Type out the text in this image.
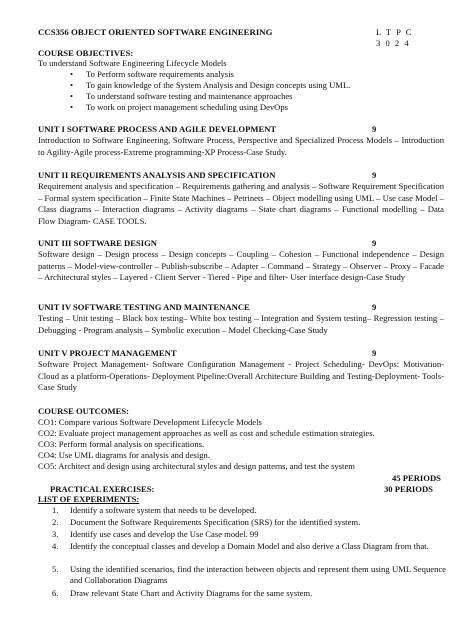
CCS356 OBJECT ORIENTED SOFTWARE ENGINEERING	L T P C
3 0 2 4
COURSE OBJECTIVES:
To understand Software Engineering Lifecycle Models
• To Perform software requirements analysis
• To gain knowledge of the System Analysis and Design concepts using UML.
• To understand software testing and maintenance approaches
• To work on project management scheduling using DevOps
UNIT I SOFTWARE PROCESS AND AGILE DEVELOPMENT	9
Introduction to Software Engineering, Software Process, Perspective and Specialized Process Models – Introduction to Agility-Agile process-Extreme programming-XP Process-Case Study.
UNIT II REQUIREMENTS ANALYSIS AND SPECIFICATION	9
Requirement analysis and specification – Requirements gathering and analysis – Software Requirement Specification – Formal system specification – Finite State Machines – Petrinets – Object modelling using UML – Use case Model – Class diagrams – Interaction diagrams – Activity diagrams – State chart diagrams – Functional modelling – Data Flow Diagram- CASE TOOLS.
UNIT III SOFTWARE DESIGN	9
Software design – Design process – Design concepts – Coupling – Cohesion – Functional independence – Design patterns – Model-view-controller – Publish-subscribe – Adapter – Command – Strategy – Observer – Proxy – Facade – Architectural styles – Layered - Client Server - Tiered - Pipe and filter- User interface design-Case Study
UNIT IV SOFTWARE TESTING AND MAINTENANCE	9
Testing – Unit testing – Black box testing– White box testing – Integration and System testing– Regression testing – Debugging - Program analysis – Symbolic execution – Model Checking-Case Study
UNIT V PROJECT MANAGEMENT	9
Software Project Management- Software Configuration Management - Project Scheduling- DevOps: Motivation-Cloud as a platform-Operations- Deployment Pipeline:Overall Architecture Building and Testing-Deployment- Tools- Case Study
COURSE OUTCOMES:
CO1: Compare various Software Development Lifecycle Models
CO2: Evaluate project management approaches as well as cost and schedule estimation strategies.
CO3: Perform formal analysis on specifications.
CO4: Use UML diagrams for analysis and design.
CO5: Architect and design using architectural styles and design patterns, and test the system
45 PERIODS
PRACTICAL EXERCISES:	30 PERIODS
LIST OF EXPERIMENTS:
1. Identify a software system that needs to be developed.
2. Document the Software Requirements Specification (SRS) for the identified system.
3. Identify use cases and develop the Use Case model. 99
4. Identify the conceptual classes and develop a Domain Model and also derive a Class Diagram from that.
5. Using the identified scenarios, find the interaction between objects and represent them using UML Sequence and Collaboration Diagrams
6. Draw relevant State Chart and Activity Diagrams for the same system.
